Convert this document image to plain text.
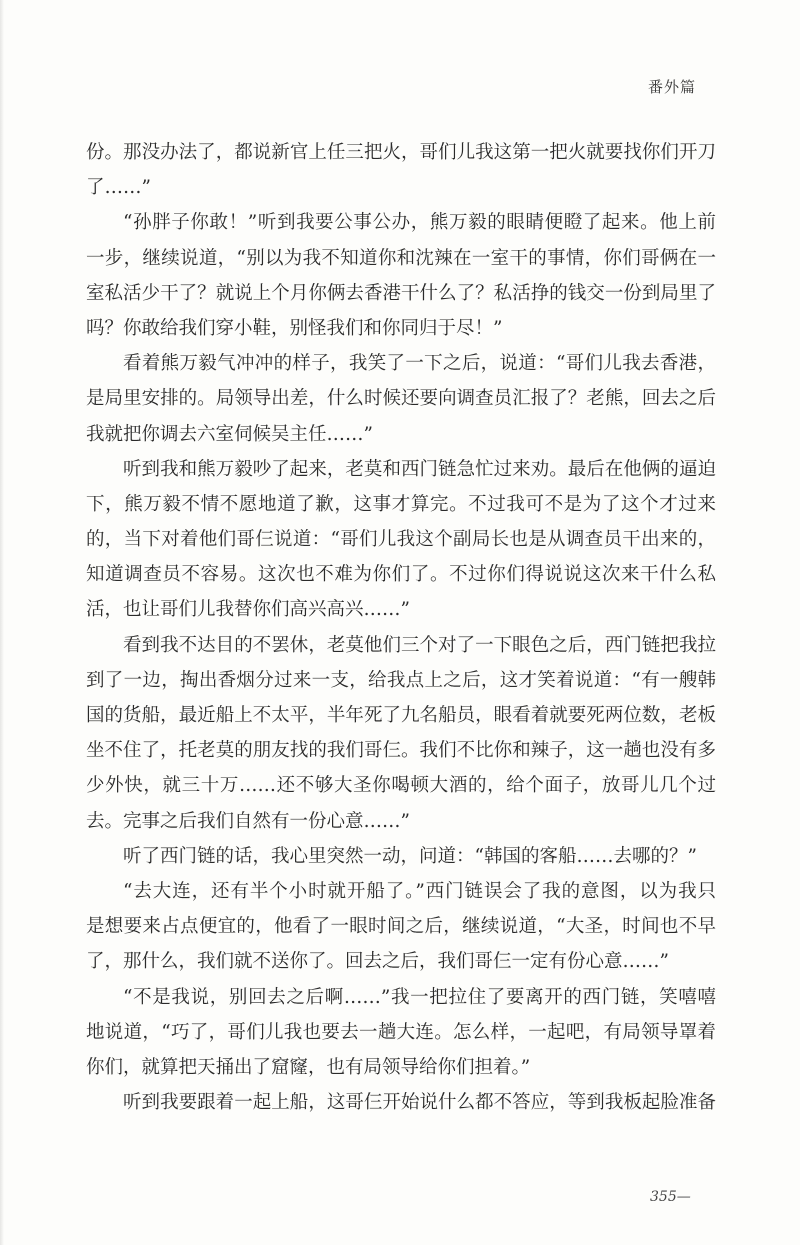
番外篇
份。那没办法了，都说新官上任三把火，哥们儿我这第一把火就要找你们开刀
了……”
“孙胖子你敢！”听到我要公事公办，熊万毅的眼睛便瞪了起来。他上前
一步，继续说道，“别以为我不知道你和沈辣在一室干的事情，你们哥俩在一
室私活少干了？就说上个月你俩去香港干什么了？私活挣的钱交一份到局里了
吗？你敢给我们穿小鞋，别怪我们和你同归于尽！”
看着熊万毅气冲冲的样子，我笑了一下之后，说道：“哥们儿我去香港，
是局里安排的。局领导出差，什么时候还要向调查员汇报了？老熊，回去之后
我就把你调去六室伺候吴主任……”
听到我和熊万毅吵了起来，老莫和西门链急忙过来劝。最后在他俩的逼迫
下，熊万毅不情不愿地道了歉，这事才算完。不过我可不是为了这个才过来
的，当下对着他们哥仨说道：“哥们儿我这个副局长也是从调查员干出来的，
知道调查员不容易。这次也不难为你们了。不过你们得说说这次来干什么私
活，也让哥们儿我替你们高兴高兴……”
看到我不达目的不罢休，老莫他们三个对了一下眼色之后，西门链把我拉
到了一边，掏出香烟分过来一支，给我点上之后，这才笑着说道：“有一艘韩
国的货船，最近船上不太平，半年死了九名船员，眼看着就要死两位数，老板
坐不住了，托老莫的朋友找的我们哥仨。我们不比你和辣子，这一趟也没有多
少外快，就三十万……还不够大圣你喝顿大酒的，给个面子，放哥儿几个过
去。完事之后我们自然有一份心意……”
听了西门链的话，我心里突然一动，问道：“韩国的客船……去哪的？”
“去大连，还有半个小时就开船了。”西门链误会了我的意图，以为我只
是想要来占点便宜的，他看了一眼时间之后，继续说道，“大圣，时间也不早
了，那什么，我们就不送你了。回去之后，我们哥仨一定有份心意……”
“不是我说，别回去之后啊……”我一把拉住了要离开的西门链，笑嘻嘻
地说道，“巧了，哥们儿我也要去一趟大连。怎么样，一起吧，有局领导罩着
你们，就算把天捅出了窟窿，也有局领导给你们担着。”
听到我要跟着一起上船，这哥仨开始说什么都不答应，等到我板起脸准备
355—
